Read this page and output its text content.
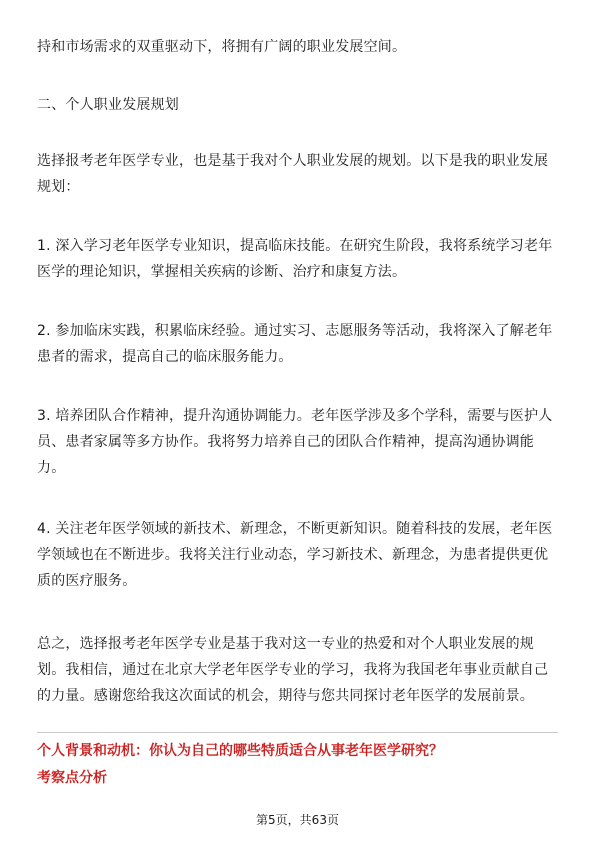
持和市场需求的双重驱动下，将拥有广阔的职业发展空间。

二、个人职业发展规划

选择报考老年医学专业，也是基于我对个人职业发展的规划。以下是我的职业发展规划：

1. 深入学习老年医学专业知识，提高临床技能。在研究生阶段，我将系统学习老年医学的理论知识，掌握相关疾病的诊断、治疗和康复方法。

2. 参加临床实践，积累临床经验。通过实习、志愿服务等活动，我将深入了解老年患者的需求，提高自己的临床服务能力。

3. 培养团队合作精神，提升沟通协调能力。老年医学涉及多个学科，需要与医护人员、患者家属等多方协作。我将努力培养自己的团队合作精神，提高沟通协调能力。

4. 关注老年医学领域的新技术、新理念，不断更新知识。随着科技的发展，老年医学领域也在不断进步。我将关注行业动态，学习新技术、新理念，为患者提供更优质的医疗服务。

总之，选择报考老年医学专业是基于我对这一专业的热爱和对个人职业发展的规划。我相信，通过在北京大学老年医学专业的学习，我将为我国老年事业贡献自己的力量。感谢您给我这次面试的机会，期待与您共同探讨老年医学的发展前景。

个人背景和动机：你认为自己的哪些特质适合从事老年医学研究？

考察点分析

第5页，共63页
